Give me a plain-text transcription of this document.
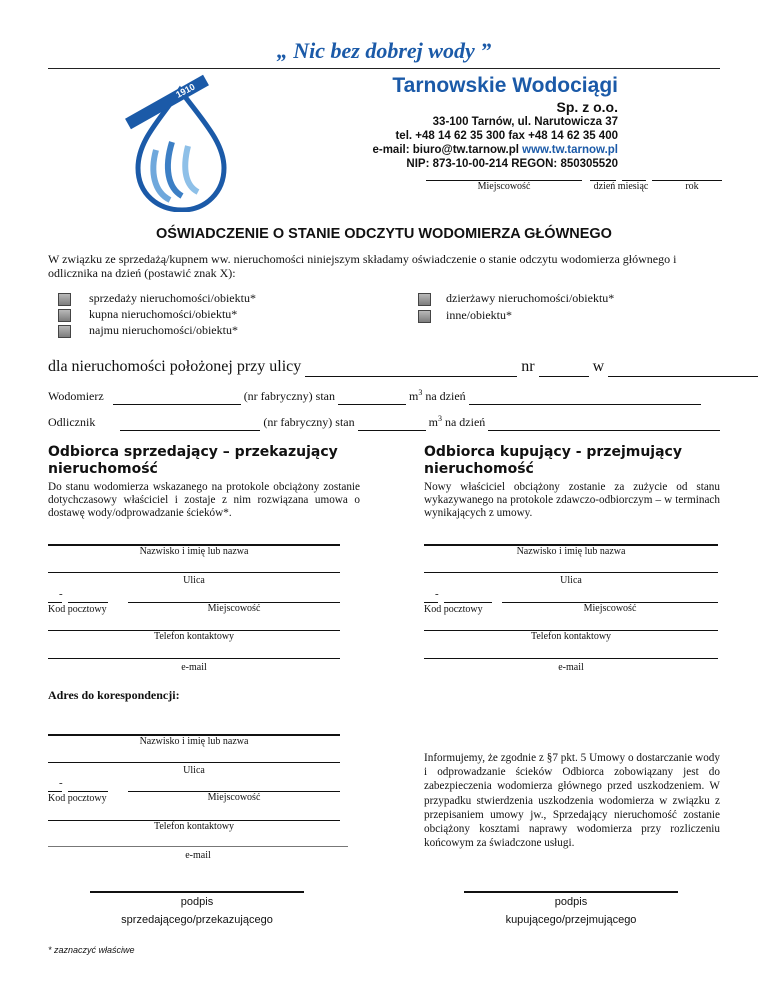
„ Nic bez dobrej wody ”
1910	Tarnowskie Wodociągi
Sp. z o.o.
33-100 Tarnów, ul. Narutowicza 37
tel. +48 14 62 35 300 fax +48 14 62 35 400
e-mail: biuro@tw.tarnow.pl www.tw.tarnow.pl
NIP: 873-10-00-214 REGON: 850305520
Miejscowość	dzień miesiąc	rok
OŚWIADCZENIE O STANIE ODCZYTU WODOMIERZA GŁÓWNEGO
W związku ze sprzedażą/kupnem ww. nieruchomości niniejszym składamy oświadczenie o stanie odczytu wodomierza głównego i odlicznika na dzień (postawić znak X):
sprzedaży nieruchomości/obiektu*
kupna nieruchomości/obiektu*
najmu nieruchomości/obiektu*
dzierżawy nieruchomości/obiektu*
inne/obiektu*
dla nieruchomości położonej przy ulicy	nr	w
Wodomierz	(nr fabryczny) stan	$m^3$ na dzień
Odlicznik	(nr fabryczny) stan	$m^3$ na dzień
Odbiorca sprzedający – przekazujący nieruchomość
Do stanu wodomierza wskazanego na protokole obciążony zostanie dotychczasowy właściciel i zostaje z nim rozwiązana umowa o dostawę wody/odprowadzanie ścieków*.
Nazwisko i imię lub nazwa
Ulica
-
Kod pocztowy	Miejscowość
Telefon kontaktowy
e-mail
Odbiorca kupujący - przejmujący nieruchomość
Nowy właściciel obciążony zostanie za zużycie od stanu wykazywanego na protokole zdawczo-odbiorczym – w terminach wynikających z umowy.
Nazwisko i imię lub nazwa
Ulica
-
Kod pocztowy	Miejscowość
Telefon kontaktowy
e-mail
Adres do korespondencji:
Nazwisko i imię lub nazwa
Ulica
-
Kod pocztowy	Miejscowość
Telefon kontaktowy
e-mail
Informujemy, że zgodnie z §7 pkt. 5 Umowy o dostarczanie wody i odprowadzanie ścieków Odbiorca zobowiązany jest do zabezpieczenia wodomierza głównego przed uszkodzeniem. W przypadku stwierdzenia uszkodzenia wodomierza w związku z przepisaniem umowy jw., Sprzedający nieruchomość zostanie obciążony kosztami naprawy wodomierza przy rozliczeniu końcowym za świadczone usługi.
podpis
sprzedającego/przekazującego
podpis
kupującego/przejmującego
* zaznaczyć właściwe
